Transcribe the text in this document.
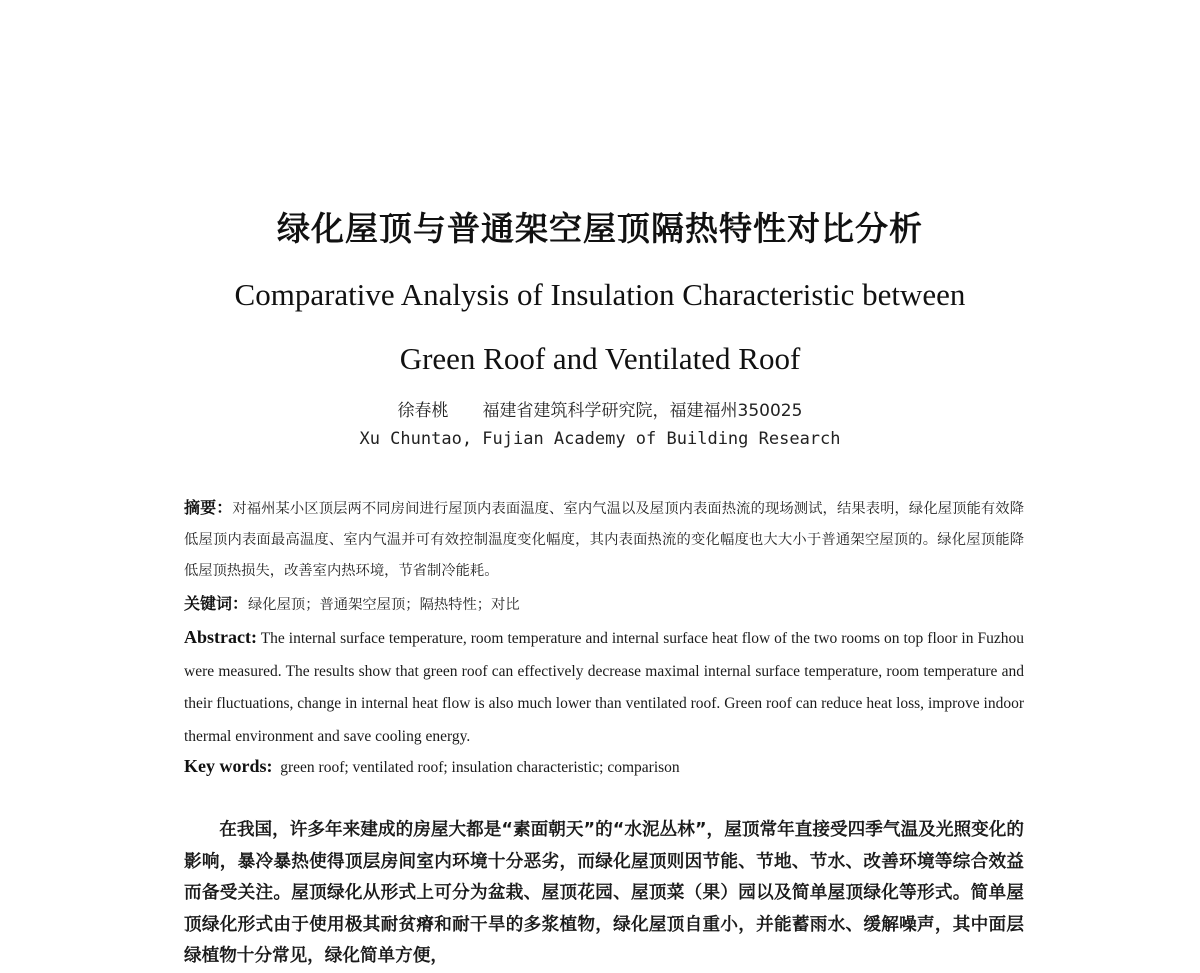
绿化屋顶与普通架空屋顶隔热特性对比分析
Comparative Analysis of Insulation Characteristic between
Green Roof and Ventilated Roof
徐春桃 福建省建筑科学研究院，福建福州350025
Xu Chuntao, Fujian Academy of Building Research
摘要：对福州某小区顶层两不同房间进行屋顶内表面温度、室内气温以及屋顶内表面热流的现场测试，结果表明，绿化屋顶能有效降低屋顶内表面最高温度、室内气温并可有效控制温度变化幅度，其内表面热流的变化幅度也大大小于普通架空屋顶的。绿化屋顶能降低屋顶热损失，改善室内热环境，节省制冷能耗。
关键词：绿化屋顶；普通架空屋顶；隔热特性；对比
Abstract: The internal surface temperature, room temperature and internal surface heat flow of the two rooms on top floor in Fuzhou were measured. The results show that green roof can effectively decrease maximal internal surface temperature, room temperature and their fluctuations, change in internal heat flow is also much lower than ventilated roof. Green roof can reduce heat loss, improve indoor thermal environment and save cooling energy.
Key words: green roof; ventilated roof; insulation characteristic; comparison

在我国，许多年来建成的房屋大都是“素面朝天”的“水泥丛林”，屋顶常年直接受四季气温及光照变化的影响，暴冷暴热使得顶层房间室内环境十分恶劣，而绿化屋顶则因节能、节地、节水、改善环境等综合效益而备受关注。屋顶绿化从形式上可分为盆栽、屋顶花园、屋顶菜（果）园以及简单屋顶绿化等形式。简单屋顶绿化形式由于使用极其耐贫瘠和耐干旱的多浆植物，绿化屋顶自重小，并能蓄雨水、缓解噪声，其中面层绿植物十分常见，绿化简单方便，
